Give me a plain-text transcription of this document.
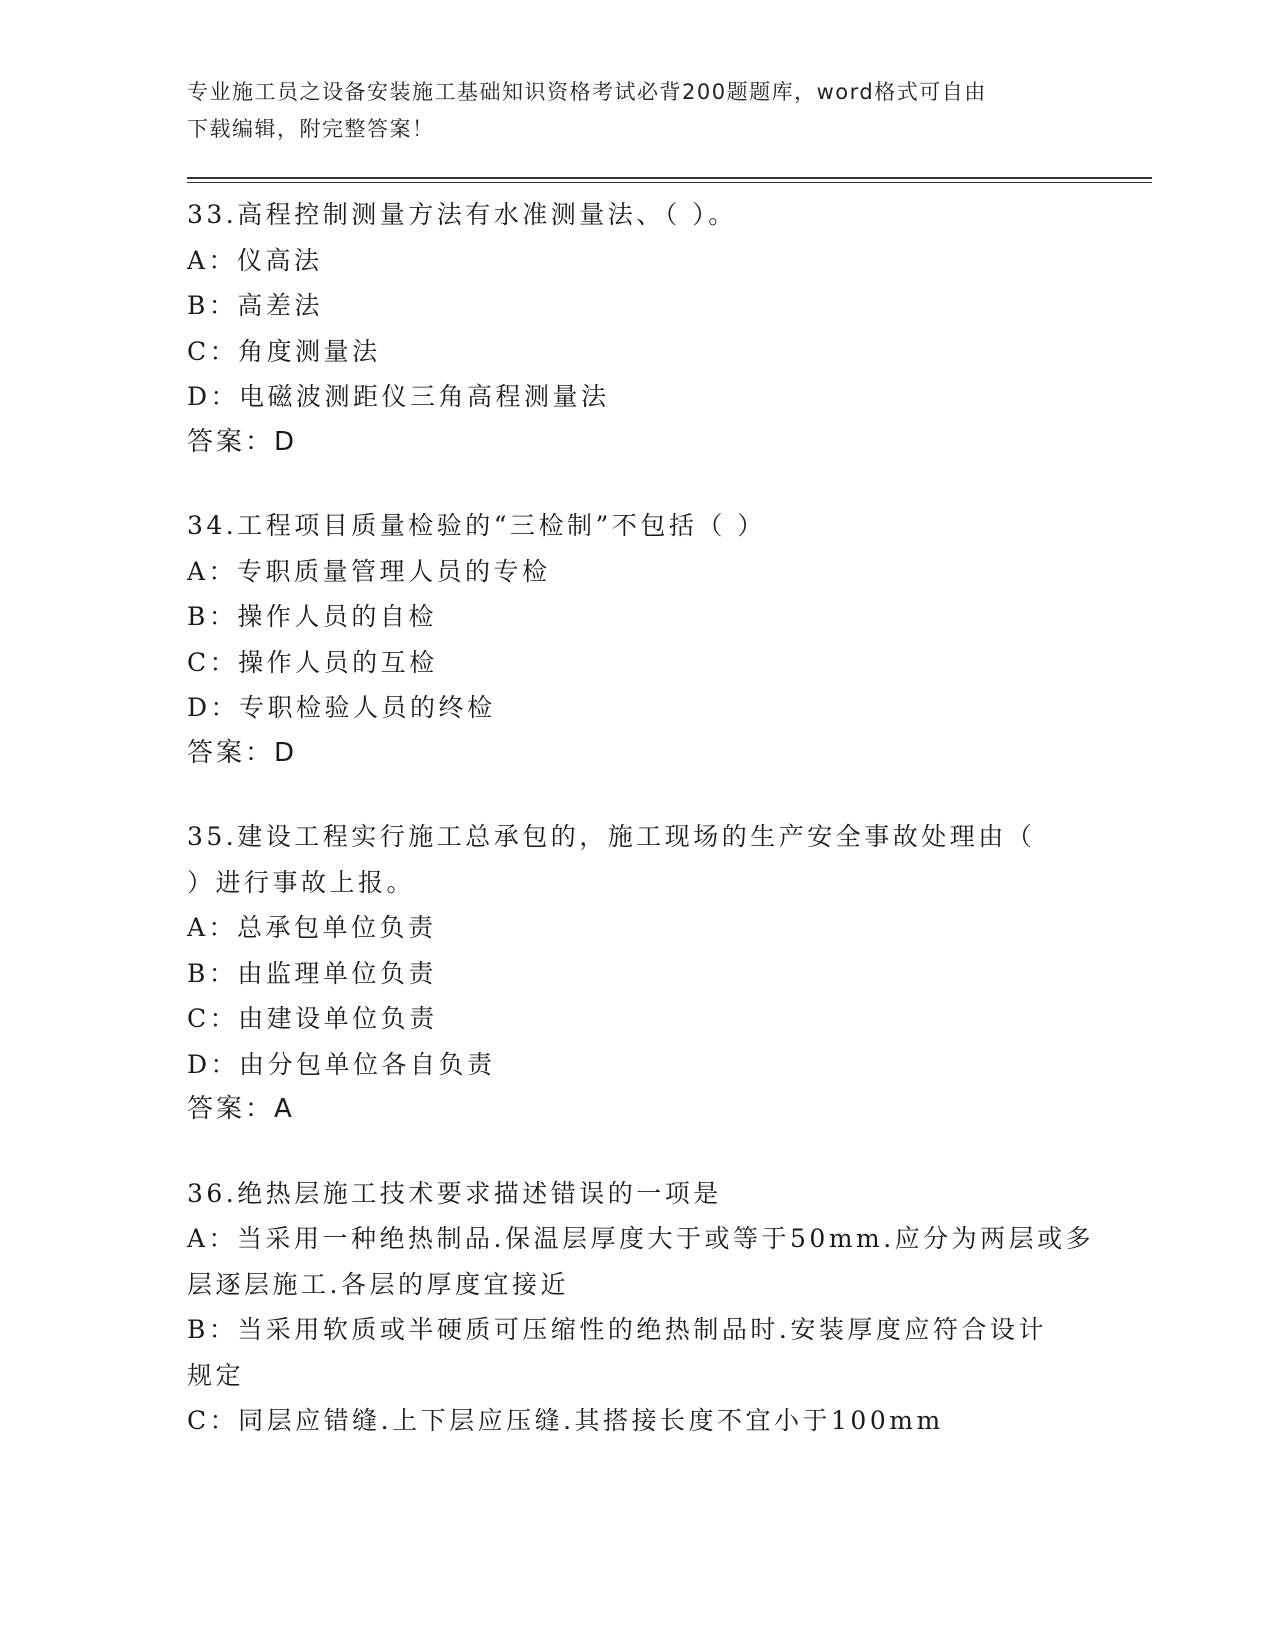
专业施工员之设备安装施工基础知识资格考试必背200题题库，word格式可自由
下载编辑，附完整答案！
33.高程控制测量方法有水准测量法、（ ）。
A：仪高法
B：高差法
C：角度测量法
D：电磁波测距仪三角高程测量法
答案：D
34.工程项目质量检验的“三检制”不包括（ ）
A：专职质量管理人员的专检
B：操作人员的自检
C：操作人员的互检
D：专职检验人员的终检
答案：D
35.建设工程实行施工总承包的，施工现场的生产安全事故处理由（
）进行事故上报。
A：总承包单位负责
B：由监理单位负责
C：由建设单位负责
D：由分包单位各自负责
答案：A
36.绝热层施工技术要求描述错误的一项是
A：当采用一种绝热制品.保温层厚度大于或等于50mm.应分为两层或多
层逐层施工.各层的厚度宜接近
B：当采用软质或半硬质可压缩性的绝热制品时.安装厚度应符合设计
规定
C：同层应错缝.上下层应压缝.其搭接长度不宜小于100mm
